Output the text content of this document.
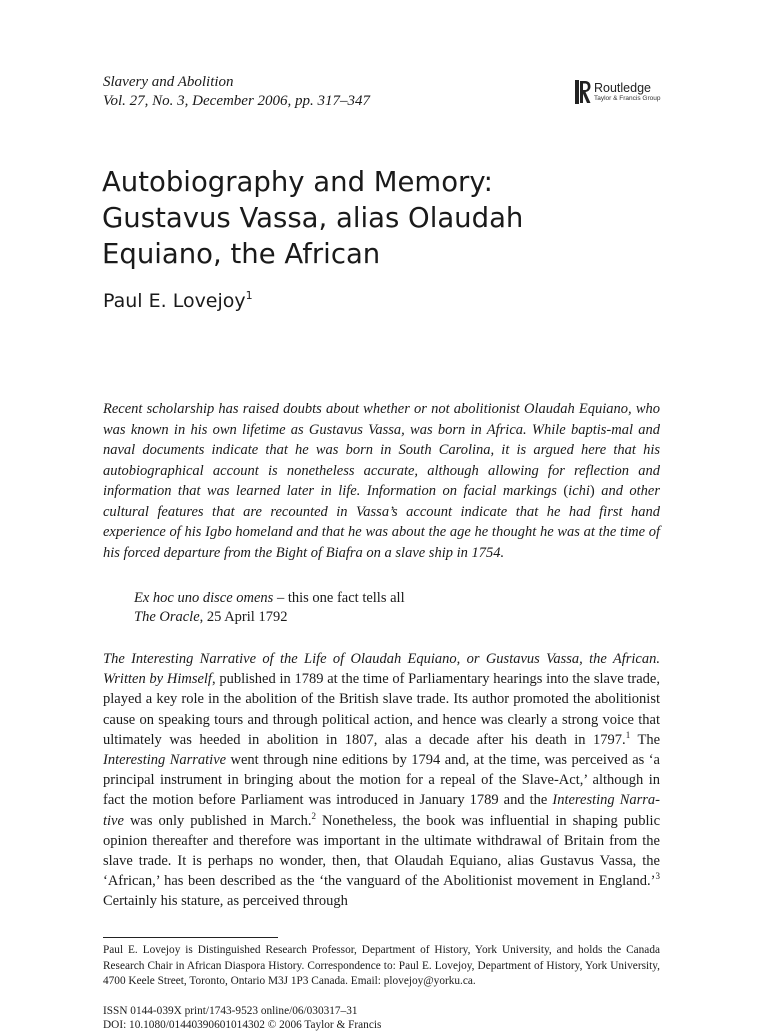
Slavery and Abolition
Vol. 27, No. 3, December 2006, pp. 317–347
Routledge
Taylor & Francis Group
Autobiography and Memory:
Gustavus Vassa, alias Olaudah
Equiano, the African
Paul E. Lovejoy$^1$

Recent scholarship has raised doubts about whether or not abolitionist Olaudah Equiano, who was known in his own lifetime as Gustavus Vassa, was born in Africa. While baptis-mal and naval documents indicate that he was born in South Carolina, it is argued here that his autobiographical account is nonetheless accurate, although allowing for reflection and information that was learned later in life. Information on facial markings (ichi) and other cultural features that are recounted in Vassa’s account indicate that he had first hand experience of his Igbo homeland and that he was about the age he thought he was at the time of his forced departure from the Bight of Biafra on a slave ship in 1754.

Ex hoc uno disce omens – this one fact tells all
The Oracle, 25 April 1792

The Interesting Narrative of the Life of Olaudah Equiano, or Gustavus Vassa, the African. Written by Himself, published in 1789 at the time of Parliamentary hearings into the slave trade, played a key role in the abolition of the British slave trade. Its author promoted the abolitionist cause on speaking tours and through political action, and hence was clearly a strong voice that ultimately was heeded in abolition in 1807, alas a decade after his death in 1797.$^1$ The Interesting Narrative went through nine editions by 1794 and, at the time, was perceived as ‘a principal instrument in bringing about the motion for a repeal of the Slave-Act,’ although in fact the motion before Parliament was introduced in January 1789 and the Interesting Narra-tive was only published in March.$^2$ Nonetheless, the book was influential in shaping public opinion thereafter and therefore was important in the ultimate withdrawal of Britain from the slave trade. It is perhaps no wonder, then, that Olaudah Equiano, alias Gustavus Vassa, the ‘African,’ has been described as the ‘the vanguard of the Abolitionist movement in England.’$^3$ Certainly his stature, as perceived through

Paul E. Lovejoy is Distinguished Research Professor, Department of History, York University, and holds the Canada Research Chair in African Diaspora History. Correspondence to: Paul E. Lovejoy, Department of History, York University, 4700 Keele Street, Toronto, Ontario M3J 1P3 Canada. Email: plovejoy@yorku.ca.

ISSN 0144-039X print/1743-9523 online/06/030317–31
DOI: 10.1080/01440390601014302 © 2006 Taylor & Francis
